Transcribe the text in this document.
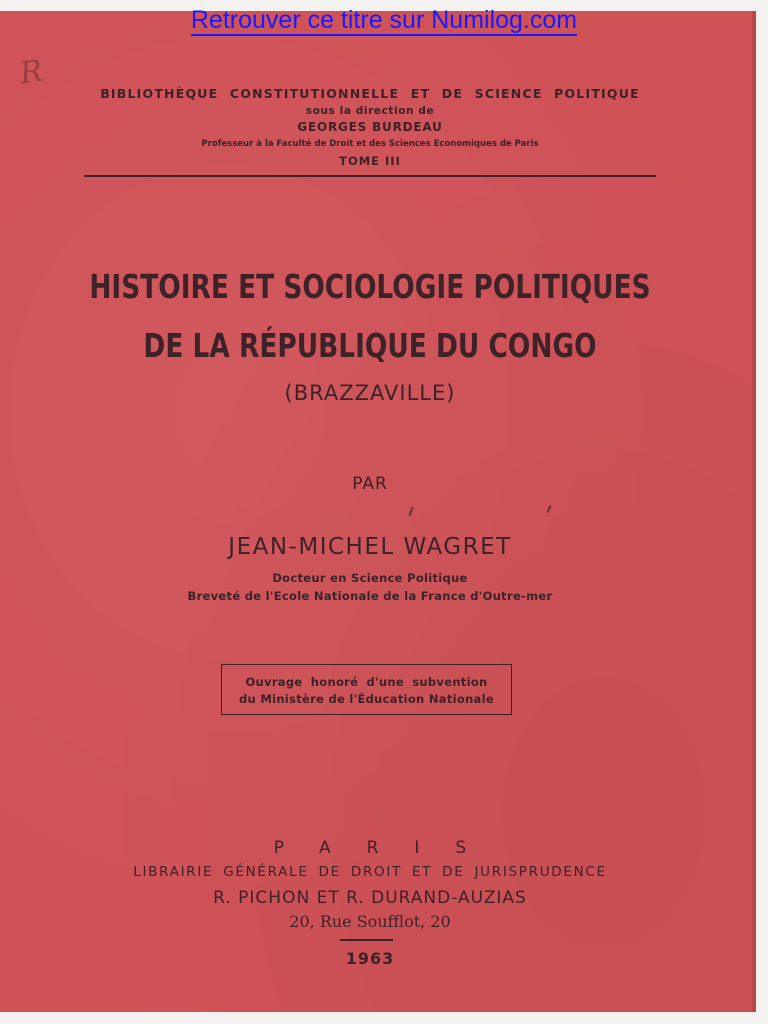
Retrouver ce titre sur Numilog.com
R
BIBLIOTHÈQUE CONSTITUTIONNELLE ET DE SCIENCE POLITIQUE
sous la direction de
GEORGES BURDEAU
Professeur à la Faculté de Droit et des Sciences Economiques de Paris
TOME III
HISTOIRE ET SOCIOLOGIE POLITIQUES
DE LA RÉPUBLIQUE DU CONGO
(BRAZZAVILLE)
PAR
JEAN-MICHEL WAGRET
Docteur en Science Politique
Breveté de l'Ecole Nationale de la France d'Outre-mer
Ouvrage honoré d'une subvention
du Ministère de l'Éducation Nationale
PARIS
LIBRAIRIE GÉNÉRALE DE DROIT ET DE JURISPRUDENCE
R. PICHON ET R. DURAND-AUZIAS
20, Rue Soufflot, 20
1963
